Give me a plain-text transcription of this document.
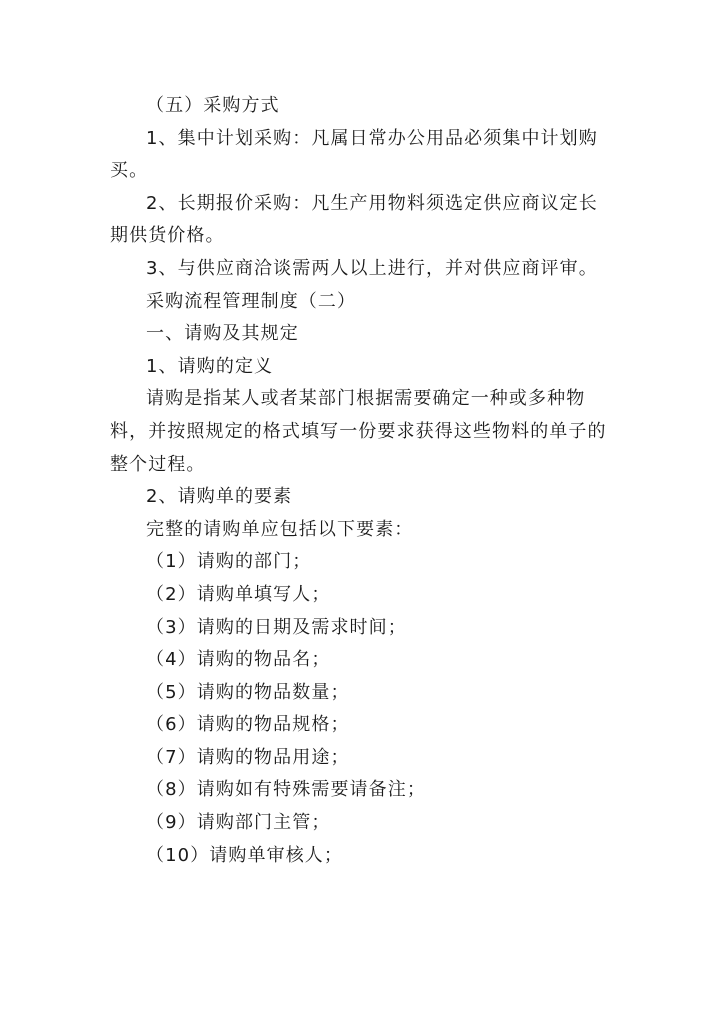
（五）采购方式

1、集中计划采购：凡属日常办公用品必须集中计划购买。

2、长期报价采购：凡生产用物料须选定供应商议定长期供货价格。

3、与供应商洽谈需两人以上进行，并对供应商评审。

采购流程管理制度（二）

一、请购及其规定

1、请购的定义

请购是指某人或者某部门根据需要确定一种或多种物料，并按照规定的格式填写一份要求获得这些物料的单子的整个过程。

2、请购单的要素

完整的请购单应包括以下要素：

（1）请购的部门；

（2）请购单填写人；

（3）请购的日期及需求时间；

（4）请购的物品名；

（5）请购的物品数量；

（6）请购的物品规格；

（7）请购的物品用途；

（8）请购如有特殊需要请备注；

（9）请购部门主管；

（10）请购单审核人；
